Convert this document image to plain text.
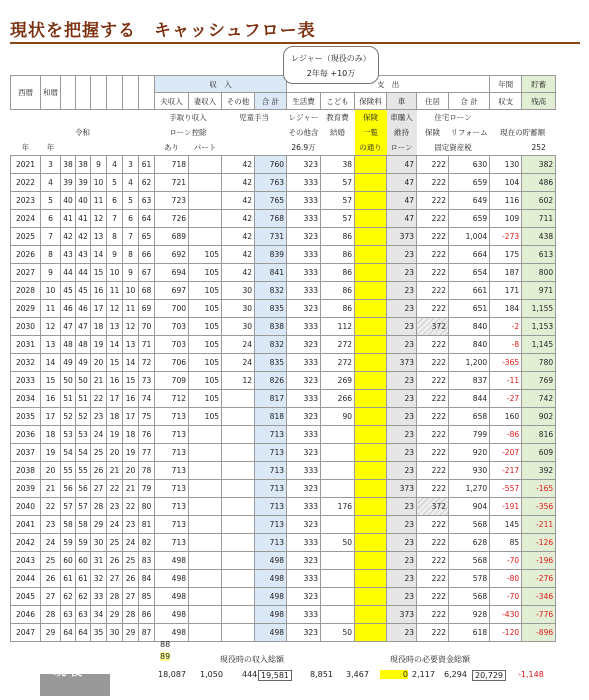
現状を把握する　キャッシュフロー表
レジャー（現役のみ）
2年毎 +10万
西暦	和暦							収　入				支　出						年間	貯蓄
								夫収入	妻収入	その他	合 計	生活費	こども	保険料	車	住居	合 計	収支	残高
								手取り収入		児童手当		レジャー	教育費	保険	車購入	住宅ローン			
令和								ローン控除				その他含	結婚	一覧	維持	保険	リフォーム	現在の貯蓄額	
年	年							あり	パート			26.9万		の通り	ローン	固定資産税			252
2021	3	38	38	9	4	3	61	718		42	760	323	38		47	222	630	130	382
2022	4	39	39	10	5	4	62	721		42	763	333	57		47	222	659	104	486
2023	5	40	40	11	6	5	63	723		42	765	333	57		47	222	649	116	602
2024	6	41	41	12	7	6	64	726		42	768	333	57		47	222	659	109	711
2025	7	42	42	13	8	7	65	689		42	731	323	86		373	222	1,004	-273	438
2026	8	43	43	14	9	8	66	692	105	42	839	333	86		23	222	664	175	613
2027	9	44	44	15	10	9	67	694	105	42	841	333	86		23	222	654	187	800
2028	10	45	45	16	11	10	68	697	105	30	832	333	86		23	222	661	171	971
2029	11	46	46	17	12	11	69	700	105	30	835	323	86		23	222	651	184	1,155
2030	12	47	47	18	13	12	70	703	105	30	838	333	112		23	372	840	-2	1,153
2031	13	48	48	19	14	13	71	703	105	24	832	323	272		23	222	840	-8	1,145
2032	14	49	49	20	15	14	72	706	105	24	835	333	272		373	222	1,200	-365	780
2033	15	50	50	21	16	15	73	709	105	12	826	323	269		23	222	837	-11	769
2034	16	51	51	22	17	16	74	712	105		817	333	266		23	222	844	-27	742
2035	17	52	52	23	18	17	75	713	105		818	323	90		23	222	658	160	902
2036	18	53	53	24	19	18	76	713			713	333			23	222	799	-86	816
2037	19	54	54	25	20	19	77	713			713	323			23	222	920	-207	609
2038	20	55	55	26	21	20	78	713			713	333			23	222	930	-217	392
2039	21	56	56	27	22	21	79	713			713	323			373	222	1,270	-557	-165
2040	22	57	57	28	23	22	80	713			713	333	176		23	372	904	-191	-356
2041	23	58	58	29	24	23	81	713			713	323			23	222	568	145	-211
2042	24	59	59	30	25	24	82	713			713	333	50		23	222	628	85	-126
2043	25	60	60	31	26	25	83	498			498	323			23	222	568	-70	-196
2044	26	61	61	32	27	26	84	498			498	333			23	222	578	-80	-276
2045	27	62	62	33	28	27	85	498			498	323			23	222	568	-70	-346
2046	28	63	63	34	29	28	86	498			498	333			373	222	928	-430	-776
2047	29	64	64	35	30	29	87	498			498	323	50		23	222	618	-120	-896
現 役
88
89	現役時の収入総額	現役時の必要資金総額
18,087 1,050 444 19,581	8,851 3,467	0 2,117 6,294	20,729	-1,148
